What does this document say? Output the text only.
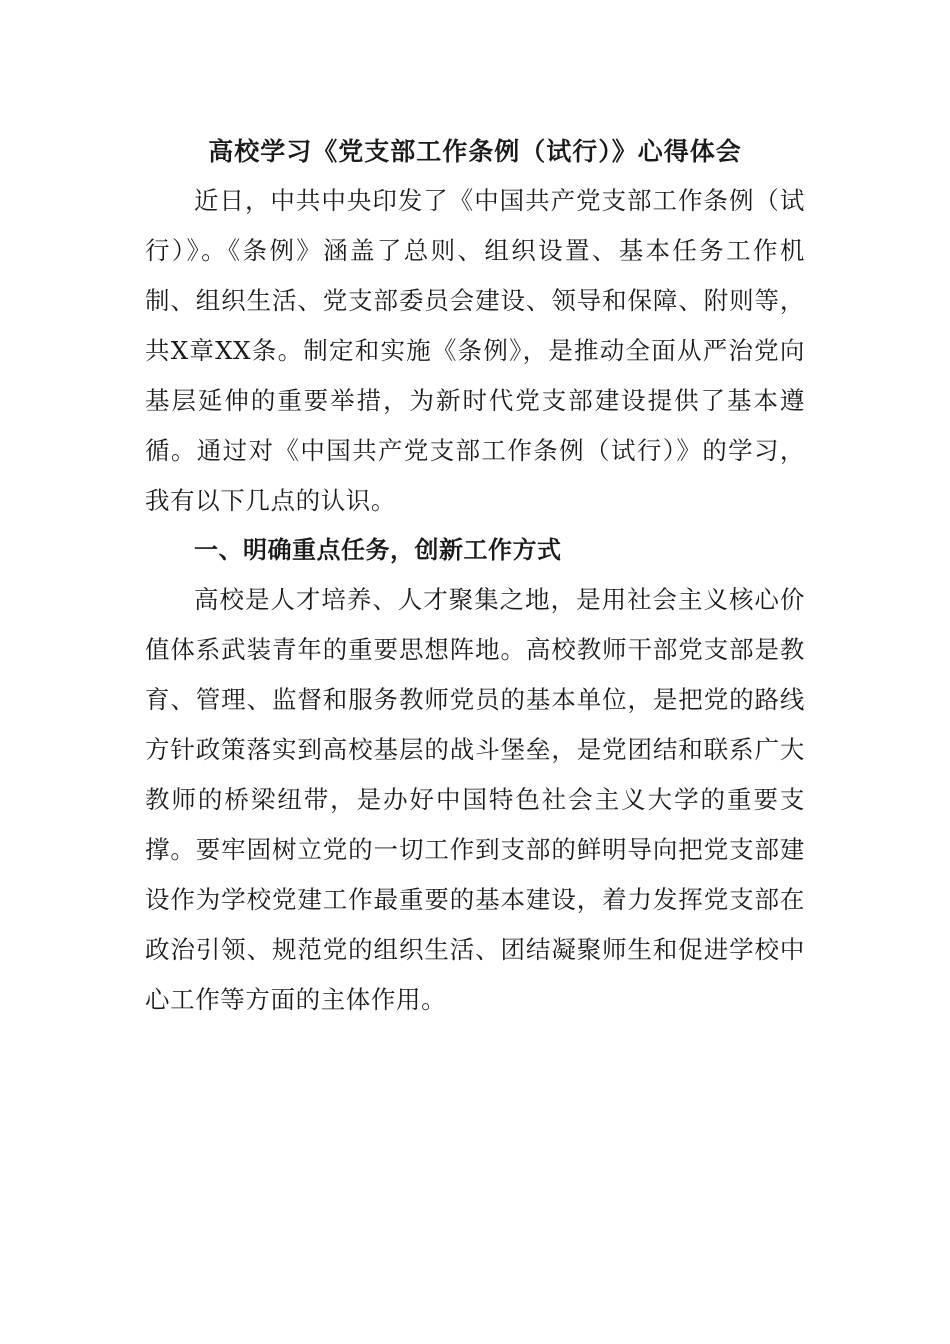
高校学习《党支部工作条例（试行）》心得体会

近日，中共中央印发了《中国共产党支部工作条例（试行）》。《条例》涵盖了总则、组织设置、基本任务工作机制、组织生活、党支部委员会建设、领导和保障、附则等，共X章XX条。制定和实施《条例》，是推动全面从严治党向基层延伸的重要举措，为新时代党支部建设提供了基本遵循。通过对《中国共产党支部工作条例（试行）》的学习，我有以下几点的认识。

一、明确重点任务，创新工作方式

高校是人才培养、人才聚集之地，是用社会主义核心价值体系武装青年的重要思想阵地。高校教师干部党支部是教育、管理、监督和服务教师党员的基本单位，是把党的路线方针政策落实到高校基层的战斗堡垒，是党团结和联系广大教师的桥梁纽带，是办好中国特色社会主义大学的重要支撑。要牢固树立党的一切工作到支部的鲜明导向把党支部建设作为学校党建工作最重要的基本建设，着力发挥党支部在政治引领、规范党的组织生活、团结凝聚师生和促进学校中心工作等方面的主体作用。
